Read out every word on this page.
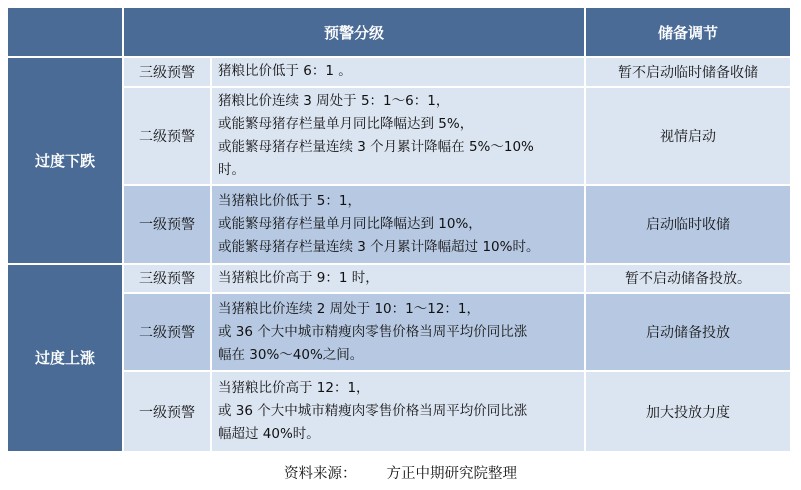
	预警分级		储备调节
过度下跌	三级预警	猪粮比价低于 6：1 。	暂不启动临时储备收储
	二级预警	猪粮比价连续 3 周处于 5：1～6：1，
或能繁母猪存栏量单月同比降幅达到 5%，
或能繁母猪存栏量连续 3 个月累计降幅在 5%～10%
时。	视情启动
	一级预警	当猪粮比价低于 5：1，
或能繁母猪存栏量单月同比降幅达到 10%，
或能繁母猪存栏量连续 3 个月累计降幅超过 10%时。	启动临时收储
过度上涨	三级预警	当猪粮比价高于 9：1 时，	暂不启动储备投放。
	二级预警	当猪粮比价连续 2 周处于 10：1～12：1，
或 36 个大中城市精瘦肉零售价格当周平均价同比涨
幅在 30%～40%之间。	启动储备投放
	一级预警	当猪粮比价高于 12：1，
或 36 个大中城市精瘦肉零售价格当周平均价同比涨
幅超过 40%时。	加大投放力度
资料来源： 方正中期研究院整理
